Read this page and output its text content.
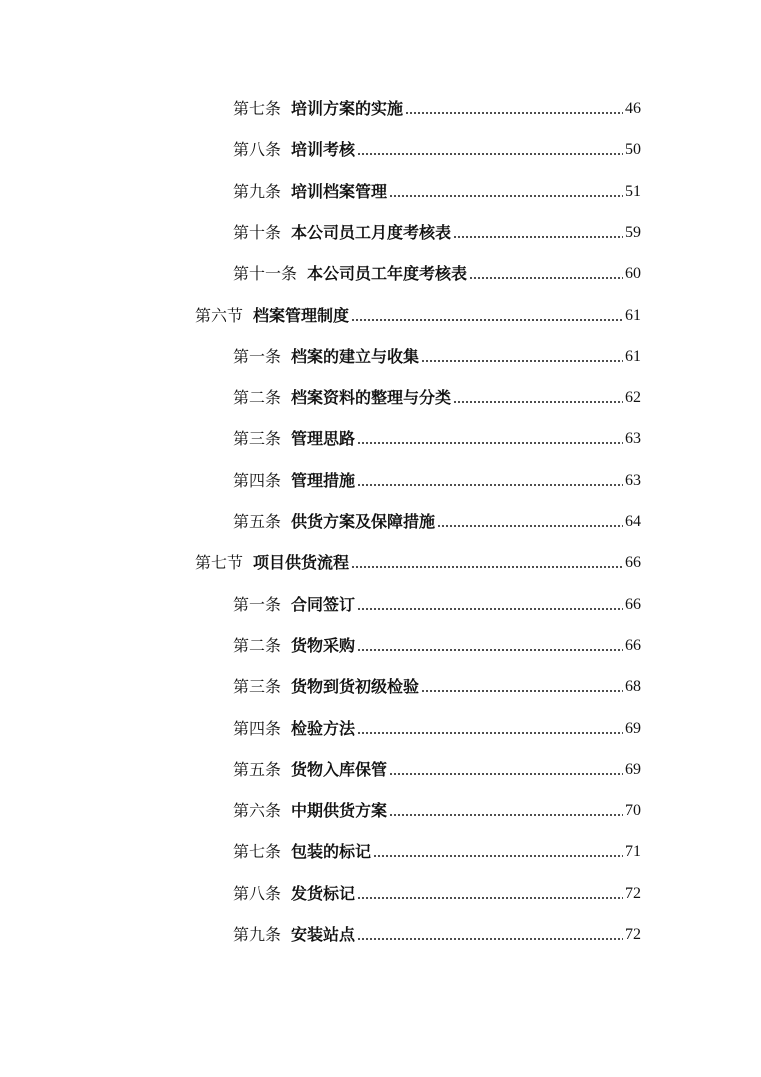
第七条 培训方案的实施	46
第八条 培训考核	50
第九条 培训档案管理	51
第十条 本公司员工月度考核表	59
第十一条 本公司员工年度考核表	60
第六节 档案管理制度	61
第一条 档案的建立与收集	61
第二条 档案资料的整理与分类	62
第三条 管理思路	63
第四条 管理措施	63
第五条 供货方案及保障措施	64
第七节 项目供货流程	66
第一条 合同签订	66
第二条 货物采购	66
第三条 货物到货初级检验	68
第四条 检验方法	69
第五条 货物入库保管	69
第六条 中期供货方案	70
第七条 包装的标记	71
第八条 发货标记	72
第九条 安装站点	72
